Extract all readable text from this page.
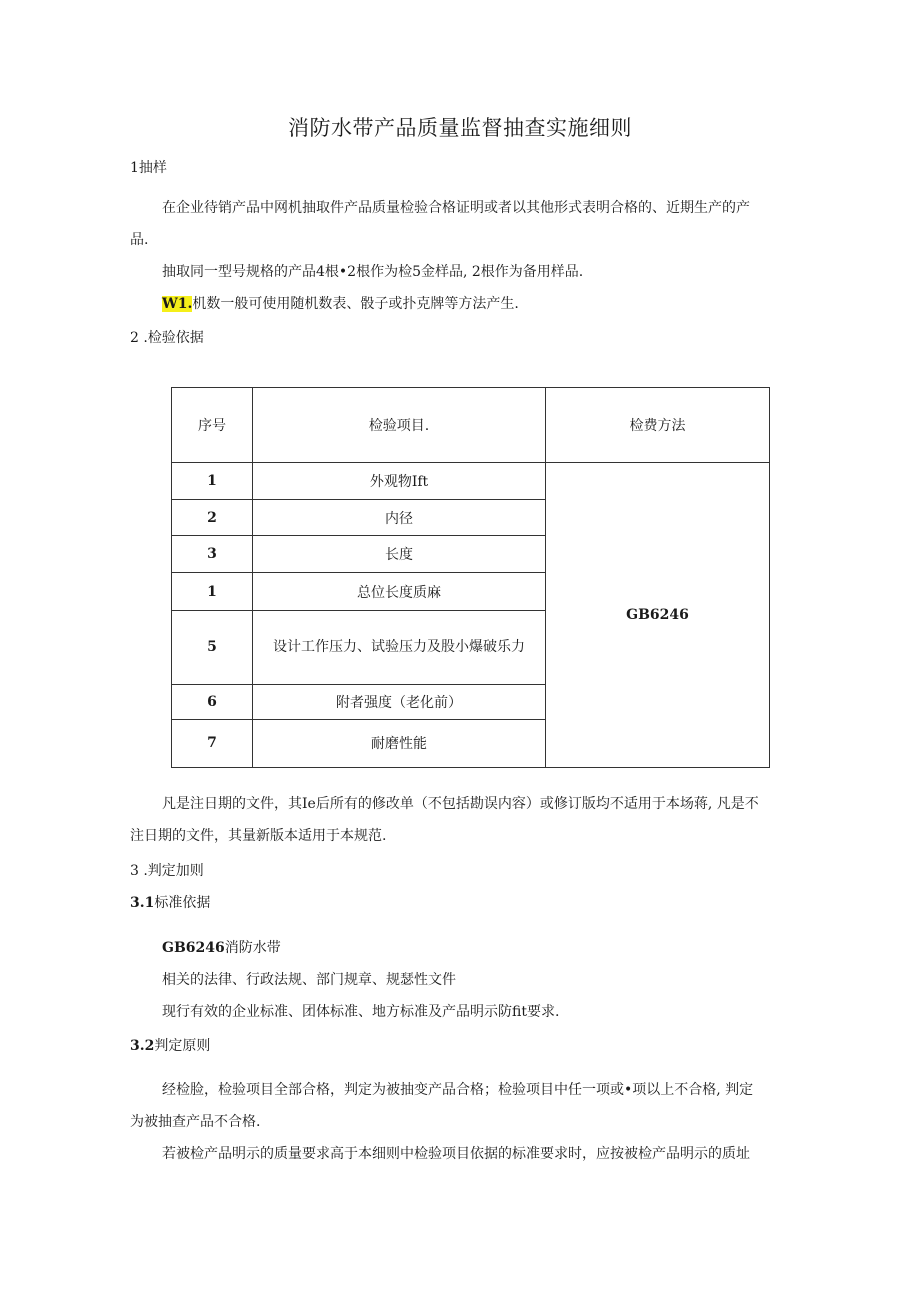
消防水带产品质量监督抽查实施细则
1抽样
在企业待销产品中网机抽取件产品质量检验合格证明或者以其他形式表明合格的、近期生产的产
品.
抽取同一型号规格的产品4根•2根作为检5金样品, 2根作为备用样品.
W1.机数一般可使用随机数表、骰子或扑克牌等方法产生.
2 .检验依据
序号	检验项目.	检费方法
1	外观物Ift	GB6246
2	内径	
3	长度	
1	总位长度质麻	
5	设计工作压力、试验压力及股小爆破乐力	

6	附者强度（老化前）	
7	耐磨性能	
凡是注日期的文件，其Ie后所有的修改单（不包括勘误内容）或修订版均不适用于本场蒋, 凡是不
注日期的文件，其量新版本适用于本规范.
3 .判定加则
3.1标准依据
GB6246消防水带
相关的法律、行政法规、部门规章、规瑟性文件
现行有效的企业标准、团体标准、地方标准及产品明示防fit要求.
3.2判定原则
经检脸，检验项目全部合格，判定为被抽变产品合格；检验项目中任一项或•项以上不合格, 判定
为被抽查产品不合格.
若被检产品明示的质量要求高于本细则中检验项目依据的标准要求时，应按被检产品明示的质址
